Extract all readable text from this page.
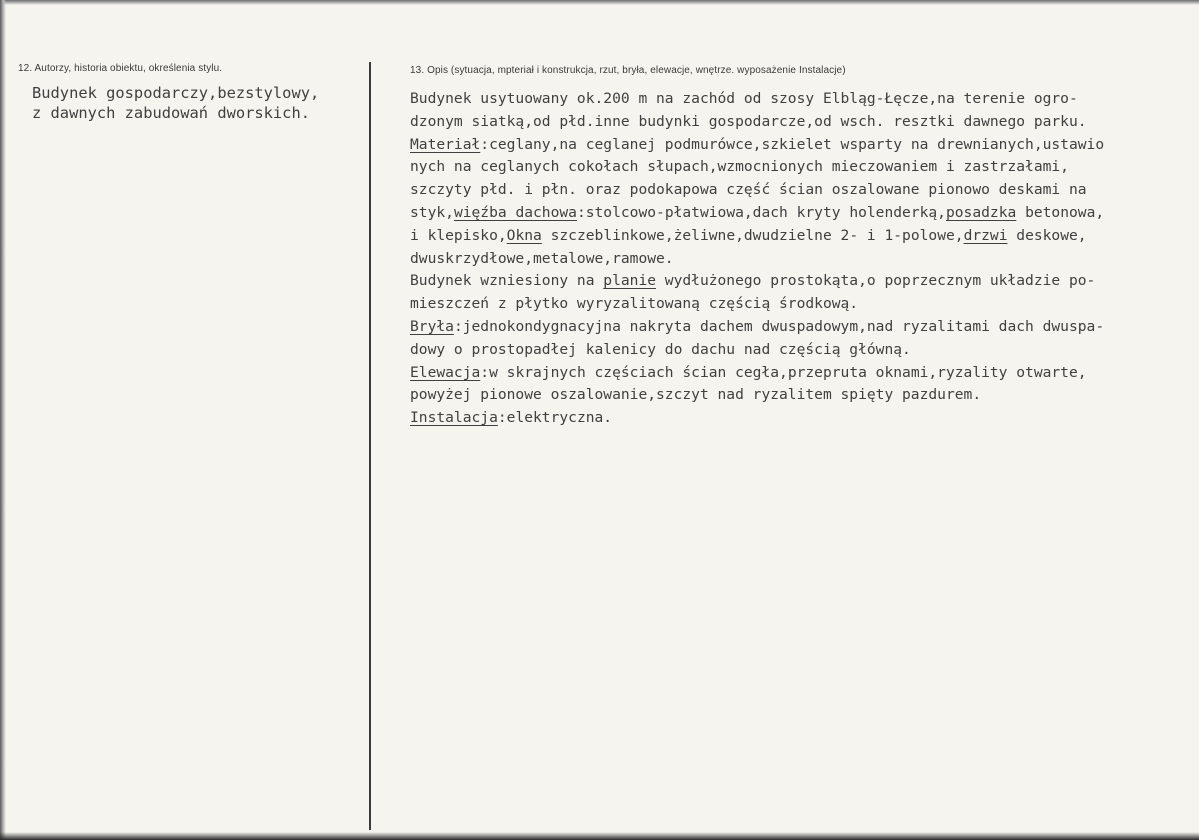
12. Autorzy, historia obiektu, określenia stylu.
Budynek gospodarczy,bezstylowy,
z dawnych zabudowań dworskich.
13. Opis (sytuacja, mpteriał i konstrukcja, rzut, bryła, elewacje, wnętrze. wyposażenie Instalacje)
Budynek usytuowany ok.200 m na zachód od szosy Elbląg-Łęcze,na terenie ogro-
dzonym siatką,od płd.inne budynki gospodarcze,od wsch. resztki dawnego parku.
Materiał:ceglany,na ceglanej podmurówce,szkielet wsparty na drewnianych,ustawio
nych na ceglanych cokołach słupach,wzmocnionych mieczowaniem i zastrzałami,
szczyty płd. i płn. oraz podokapowa część ścian oszalowane pionowo deskami na
styk,więźba dachowa:stolcowo-płatwiowa,dach kryty holenderką,posadzka betonowa,
i klepisko,Okna szczeblinkowe,żeliwne,dwudzielne 2- i 1-polowe,drzwi deskowe,
dwuskrzydłowe,metalowe,ramowe.
Budynek wzniesiony na planie wydłużonego prostokąta,o poprzecznym układzie po-
mieszczeń z płytko wyryzalitowaną częścią środkową.
Bryła:jednokondygnacyjna nakryta dachem dwuspadowym,nad ryzalitami dach dwuspa-
dowy o prostopadłej kalenicy do dachu nad częścią główną.
Elewacja:w skrajnych częściach ścian cegła,przepruta oknami,ryzality otwarte,
powyżej pionowe oszalowanie,szczyt nad ryzalitem spięty pazdurem.
Instalacja:elektryczna.
